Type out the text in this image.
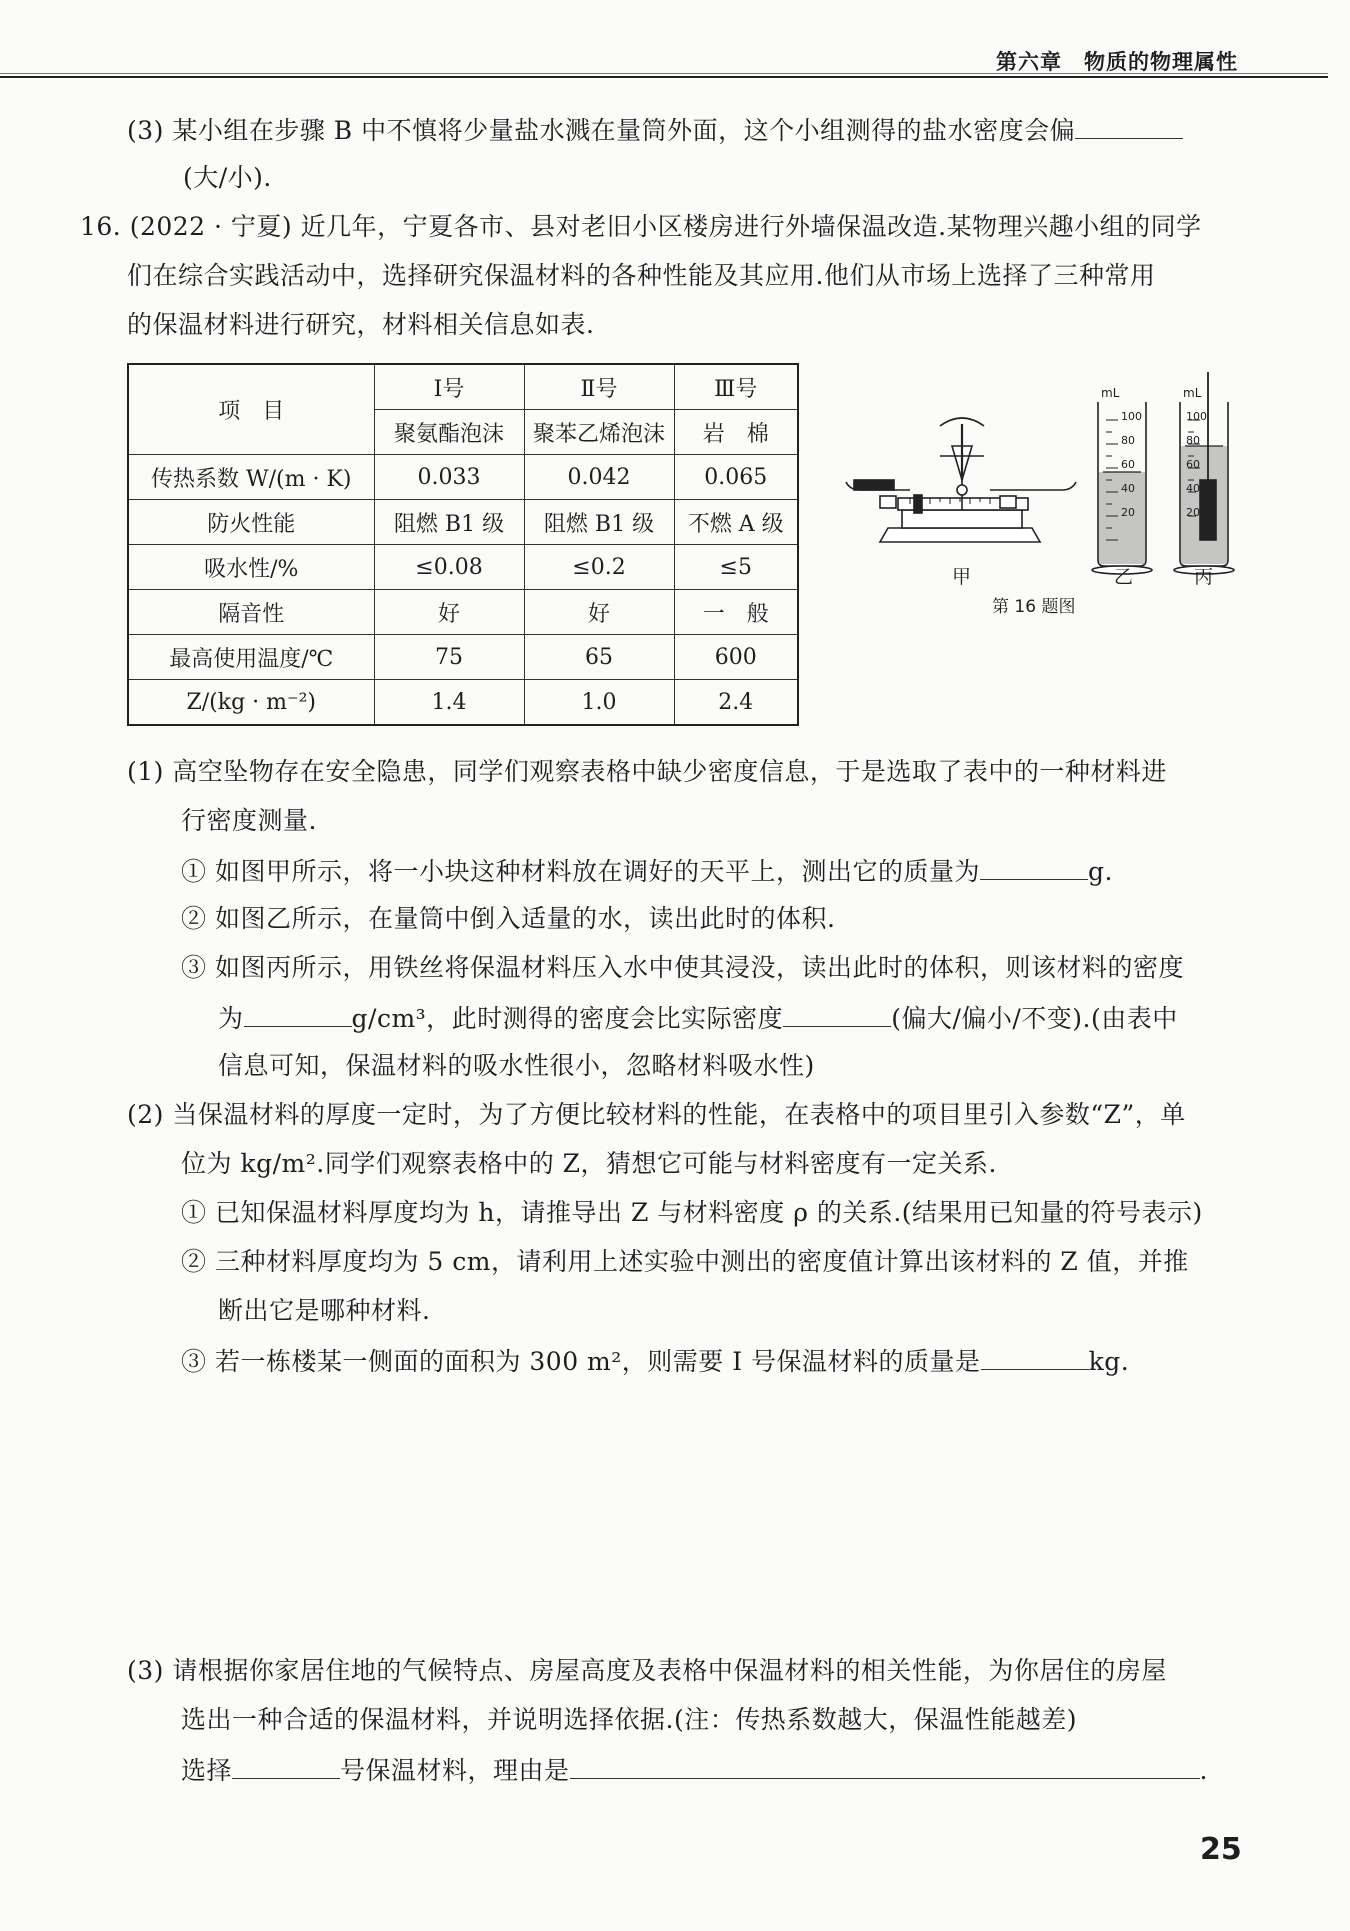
第六章　物质的物理属性
(3) 某小组在步骤 B 中不慎将少量盐水溅在量筒外面，这个小组测得的盐水密度会偏
(大/小).
16. (2022 · 宁夏) 近几年，宁夏各市、县对老旧小区楼房进行外墙保温改造.某物理兴趣小组的同学
们在综合实践活动中，选择研究保温材料的各种性能及其应用.他们从市场上选择了三种常用
的保温材料进行研究，材料相关信息如表.
项　目	Ⅰ号	Ⅱ号	Ⅲ号
	聚氨酯泡沫	聚苯乙烯泡沫	岩　棉
传热系数 W/(m · K)	0.033	0.042	0.065
防火性能	阻燃 B1 级	阻燃 B1 级	不燃 A 级
吸水性/%	≤0.08	≤0.2	≤5
隔音性	好	好	一　般
最高使用温度/℃	75	65	600
Z/(kg · m⁻²)	1.4	1.0	2.4
mL	mL
100
80
60
40
20
100
80
60
40
20
甲	乙	丙
第 16 题图
(1) 高空坠物存在安全隐患，同学们观察表格中缺少密度信息，于是选取了表中的一种材料进
行密度测量.
① 如图甲所示，将一小块这种材料放在调好的天平上，测出它的质量为	g.
② 如图乙所示，在量筒中倒入适量的水，读出此时的体积.
③ 如图丙所示，用铁丝将保温材料压入水中使其浸没，读出此时的体积，则该材料的密度
为	g/cm³，此时测得的密度会比实际密度	(偏大/偏小/不变).(由表中
信息可知，保温材料的吸水性很小，忽略材料吸水性)
(2) 当保温材料的厚度一定时，为了方便比较材料的性能，在表格中的项目里引入参数“Z”，单
位为 kg/m².同学们观察表格中的 Z，猜想它可能与材料密度有一定关系.
① 已知保温材料厚度均为 h，请推导出 Z 与材料密度 ρ 的关系.(结果用已知量的符号表示)
② 三种材料厚度均为 5 cm，请利用上述实验中测出的密度值计算出该材料的 Z 值，并推
断出它是哪种材料.
③ 若一栋楼某一侧面的面积为 300 m²，则需要 Ⅰ 号保温材料的质量是	kg.
(3) 请根据你家居住地的气候特点、房屋高度及表格中保温材料的相关性能，为你居住的房屋
选出一种合适的保温材料，并说明选择依据.(注：传热系数越大，保温性能越差)
选择	号保温材料，理由是	.
25
